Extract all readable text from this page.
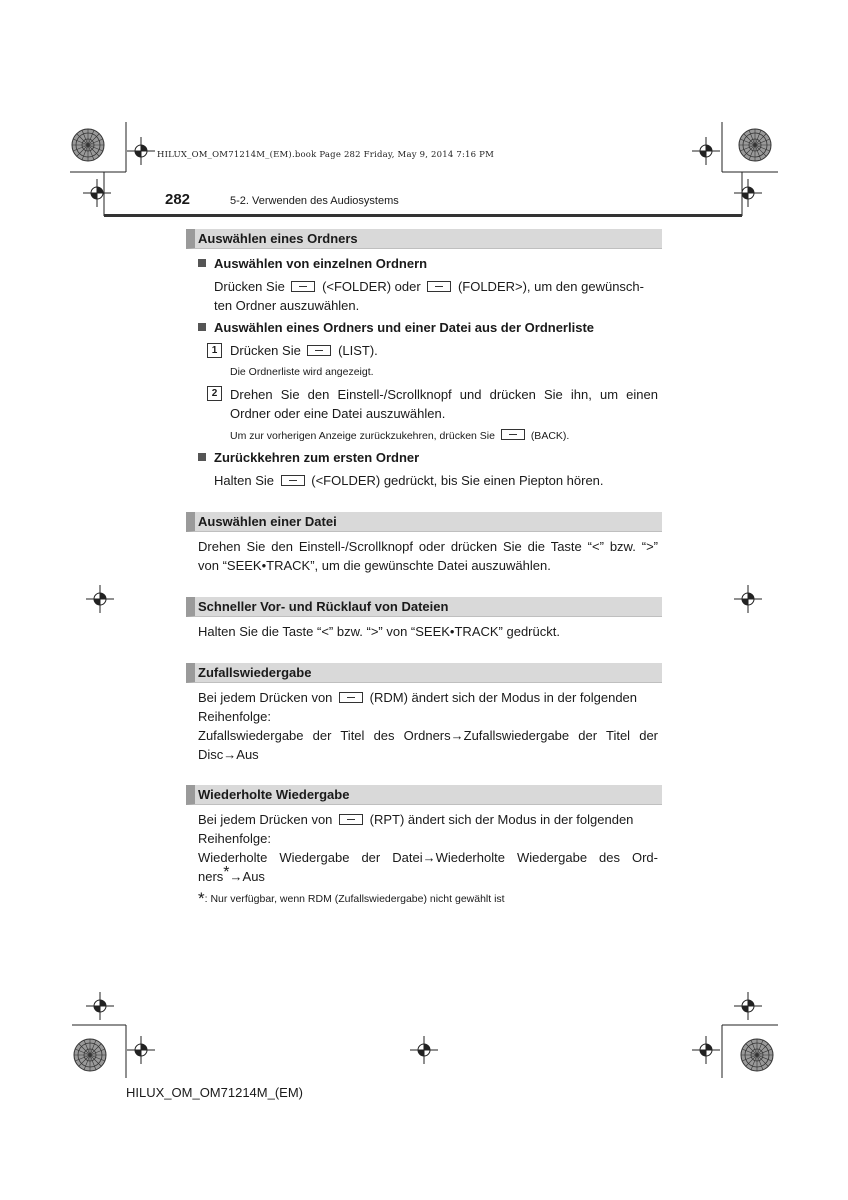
HILUX_OM_OM71214M_(EM).book Page 282 Friday, May 9, 2014 7:16 PM
282	5-2. Verwenden des Audiosystems
Auswählen eines Ordners
Auswählen von einzelnen Ordnern
Drücken Sie	(<FOLDER) oder	(FOLDER>), um den gewünsch-
ten Ordner auszuwählen.
Auswählen eines Ordners und einer Datei aus der Ordnerliste
1 Drücken Sie	(LIST).
Die Ordnerliste wird angezeigt.
2 Drehen Sie den Einstell-/Scrollknopf und drücken Sie ihn, um einen
Ordner oder eine Datei auszuwählen.
Um zur vorherigen Anzeige zurückzukehren, drücken Sie	(BACK).
Zurückkehren zum ersten Ordner
Halten Sie	(<FOLDER) gedrückt, bis Sie einen Piepton hören.
Auswählen einer Datei
Drehen Sie den Einstell-/Scrollknopf oder drücken Sie die Taste “<” bzw. “>”
von “SEEK•TRACK”, um die gewünschte Datei auszuwählen.
Schneller Vor- und Rücklauf von Dateien
Halten Sie die Taste “<” bzw. “>” von “SEEK•TRACK” gedrückt.
Zufallswiedergabe
Bei jedem Drücken von	(RDM) ändert sich der Modus in der folgenden
Reihenfolge:
Zufallswiedergabe der Titel des Ordners→Zufallswiedergabe der Titel der
Disc→Aus
Wiederholte Wiedergabe
Bei jedem Drücken von	(RPT) ändert sich der Modus in der folgenden
Reihenfolge:
Wiederholte Wiedergabe der Datei→Wiederholte Wiedergabe des Ord-
ners*→Aus
*: Nur verfügbar, wenn RDM (Zufallswiedergabe) nicht gewählt ist
HILUX_OM_OM71214M_(EM)
